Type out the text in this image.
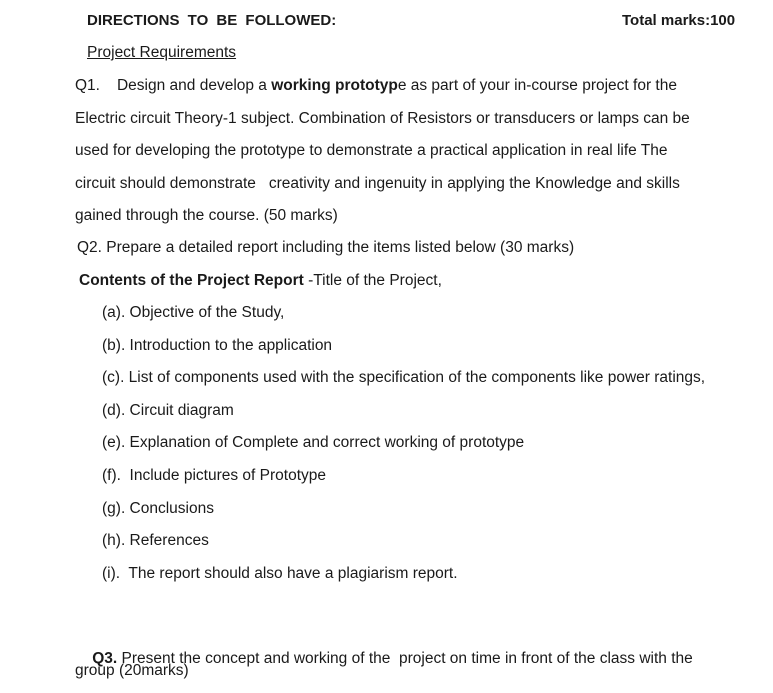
DIRECTIONS TO BE FOLLOWED:	Total marks:100
Project Requirements
Q1. Design and develop a working prototype as part of your in-course project for the
Electric circuit Theory-1 subject. Combination of Resistors or transducers or lamps can be
used for developing the prototype to demonstrate a practical application in real life The
circuit should demonstrate   creativity and ingenuity in applying the Knowledge and skills
gained through the course. (50 marks)
Q2. Prepare a detailed report including the items listed below (30 marks)
Contents of the Project Report -Title of the Project,
(a). Objective of the Study,
(b). Introduction to the application
(c). List of components used with the specification of the components like power ratings,
(d). Circuit diagram
(e). Explanation of Complete and correct working of prototype
(f).  Include pictures of Prototype
(g). Conclusions
(h). References
(i).  The report should also have a plagiarism report.

Q3. Present the concept and working of the  project on time in front of the class with the

group (20marks)
